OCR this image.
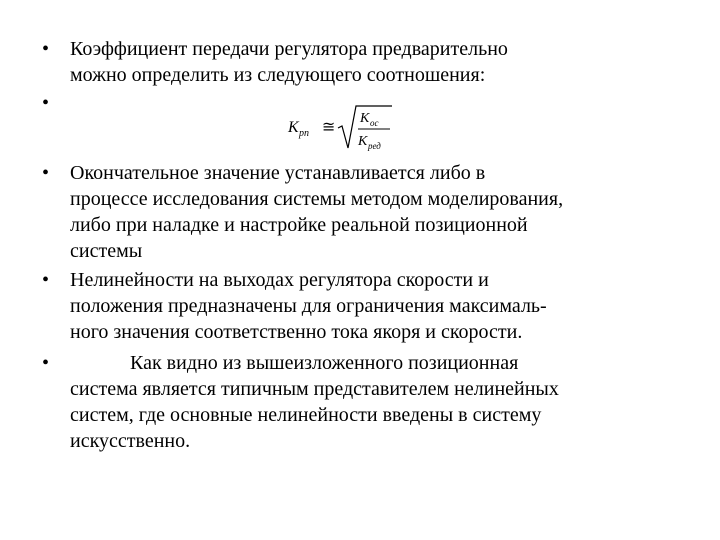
• Коэффициент передачи регулятора предварительно
можно определить из следующего соотношения:
•
K рп ≅ K ос
K ред
• Окончательное значение устанавливается либо в
процессе исследования системы методом моделирования,
либо при наладке и настройке реальной позиционной
системы
• Нелинейности на выходах регулятора скорости и
положения предназначены для ограничения максималь-
ного значения соответственно тока якоря и скорости.
•	Как видно из вышеизложенного позиционная
система является типичным представителем нелинейных
систем, где основные нелинейности введены в систему
искусственно.
